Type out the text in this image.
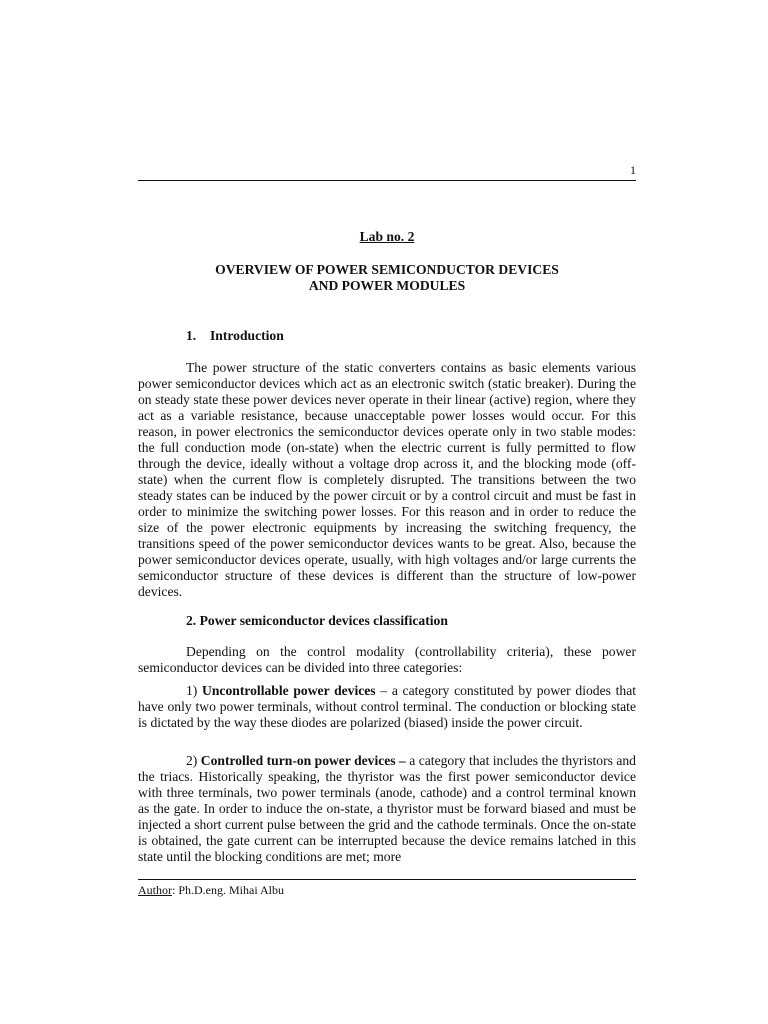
1
Lab no. 2
OVERVIEW OF POWER SEMICONDUCTOR DEVICES
AND POWER MODULES
1. Introduction

The power structure of the static converters contains as basic elements various power semiconductor devices which act as an electronic switch (static breaker). During the on steady state these power devices never operate in their linear (active) region, where they act as a variable resistance, because unacceptable power losses would occur. For this reason, in power electronics the semiconductor devices operate only in two stable modes: the full conduction mode (on-state) when the electric current is fully permitted to flow through the device, ideally without a voltage drop across it, and the blocking mode (off-state) when the current flow is completely disrupted. The transitions between the two steady states can be induced by the power circuit or by a control circuit and must be fast in order to minimize the switching power losses. For this reason and in order to reduce the size of the power electronic equipments by increasing the switching frequency, the transitions speed of the power semiconductor devices wants to be great. Also, because the power semiconductor devices operate, usually, with high voltages and/or large currents the semiconductor structure of these devices is different than the structure of low-power devices.

2. Power semiconductor devices classification

Depending on the control modality (controllability criteria), these power semiconductor devices can be divided into three categories:

1) Uncontrollable power devices – a category constituted by power diodes that have only two power terminals, without control terminal. The conduction or blocking state is dictated by the way these diodes are polarized (biased) inside the power circuit.

2) Controlled turn-on power devices – a category that includes the thyristors and the triacs. Historically speaking, the thyristor was the first power semiconductor device with three terminals, two power terminals (anode, cathode) and a control terminal known as the gate. In order to induce the on-state, a thyristor must be forward biased and must be injected a short current pulse between the grid and the cathode terminals. Once the on-state is obtained, the gate current can be interrupted because the device remains latched in this state until the blocking conditions are met; more

Author: Ph.D.eng. Mihai Albu
